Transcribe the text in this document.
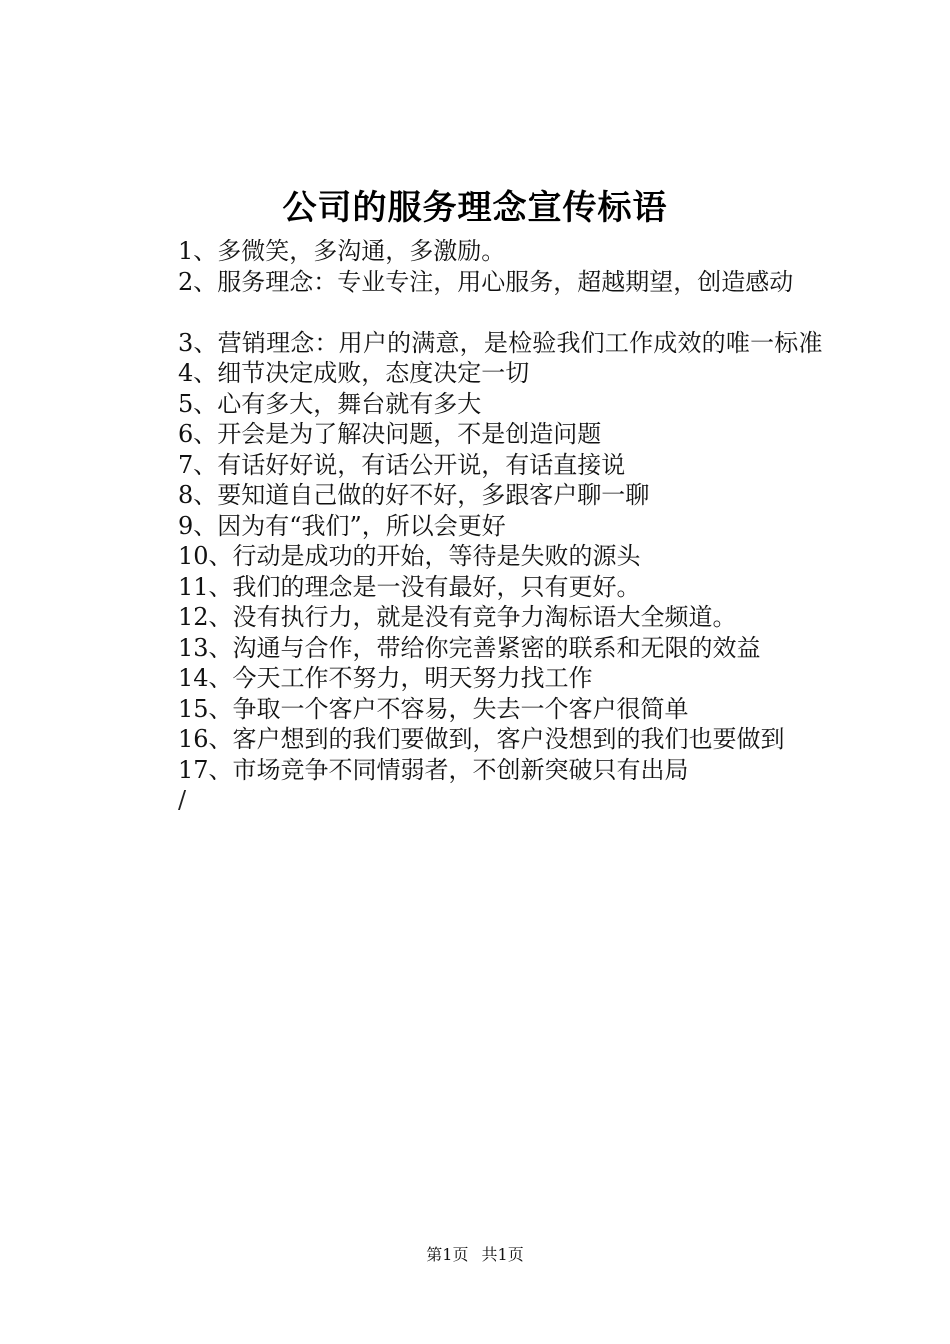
公司的服务理念宣传标语
1、多微笑，多沟通，多激励。
2、服务理念：专业专注，用心服务，超越期望，创造感动
3、营销理念：用户的满意，是检验我们工作成效的唯一标准
4、细节决定成败，态度决定一切
5、心有多大，舞台就有多大
6、开会是为了解决问题，不是创造问题
7、有话好好说，有话公开说，有话直接说
8、要知道自己做的好不好，多跟客户聊一聊
9、因为有“我们”，所以会更好
10、行动是成功的开始，等待是失败的源头
11、我们的理念是一没有最好，只有更好。
12、没有执行力，就是没有竞争力淘标语大全频道。
13、沟通与合作，带给你完善紧密的联系和无限的效益
14、今天工作不努力，明天努力找工作
15、争取一个客户不容易，失去一个客户很简单
16、客户想到的我们要做到，客户没想到的我们也要做到
17、市场竞争不同情弱者，不创新突破只有出局
/
第1页 共1页
